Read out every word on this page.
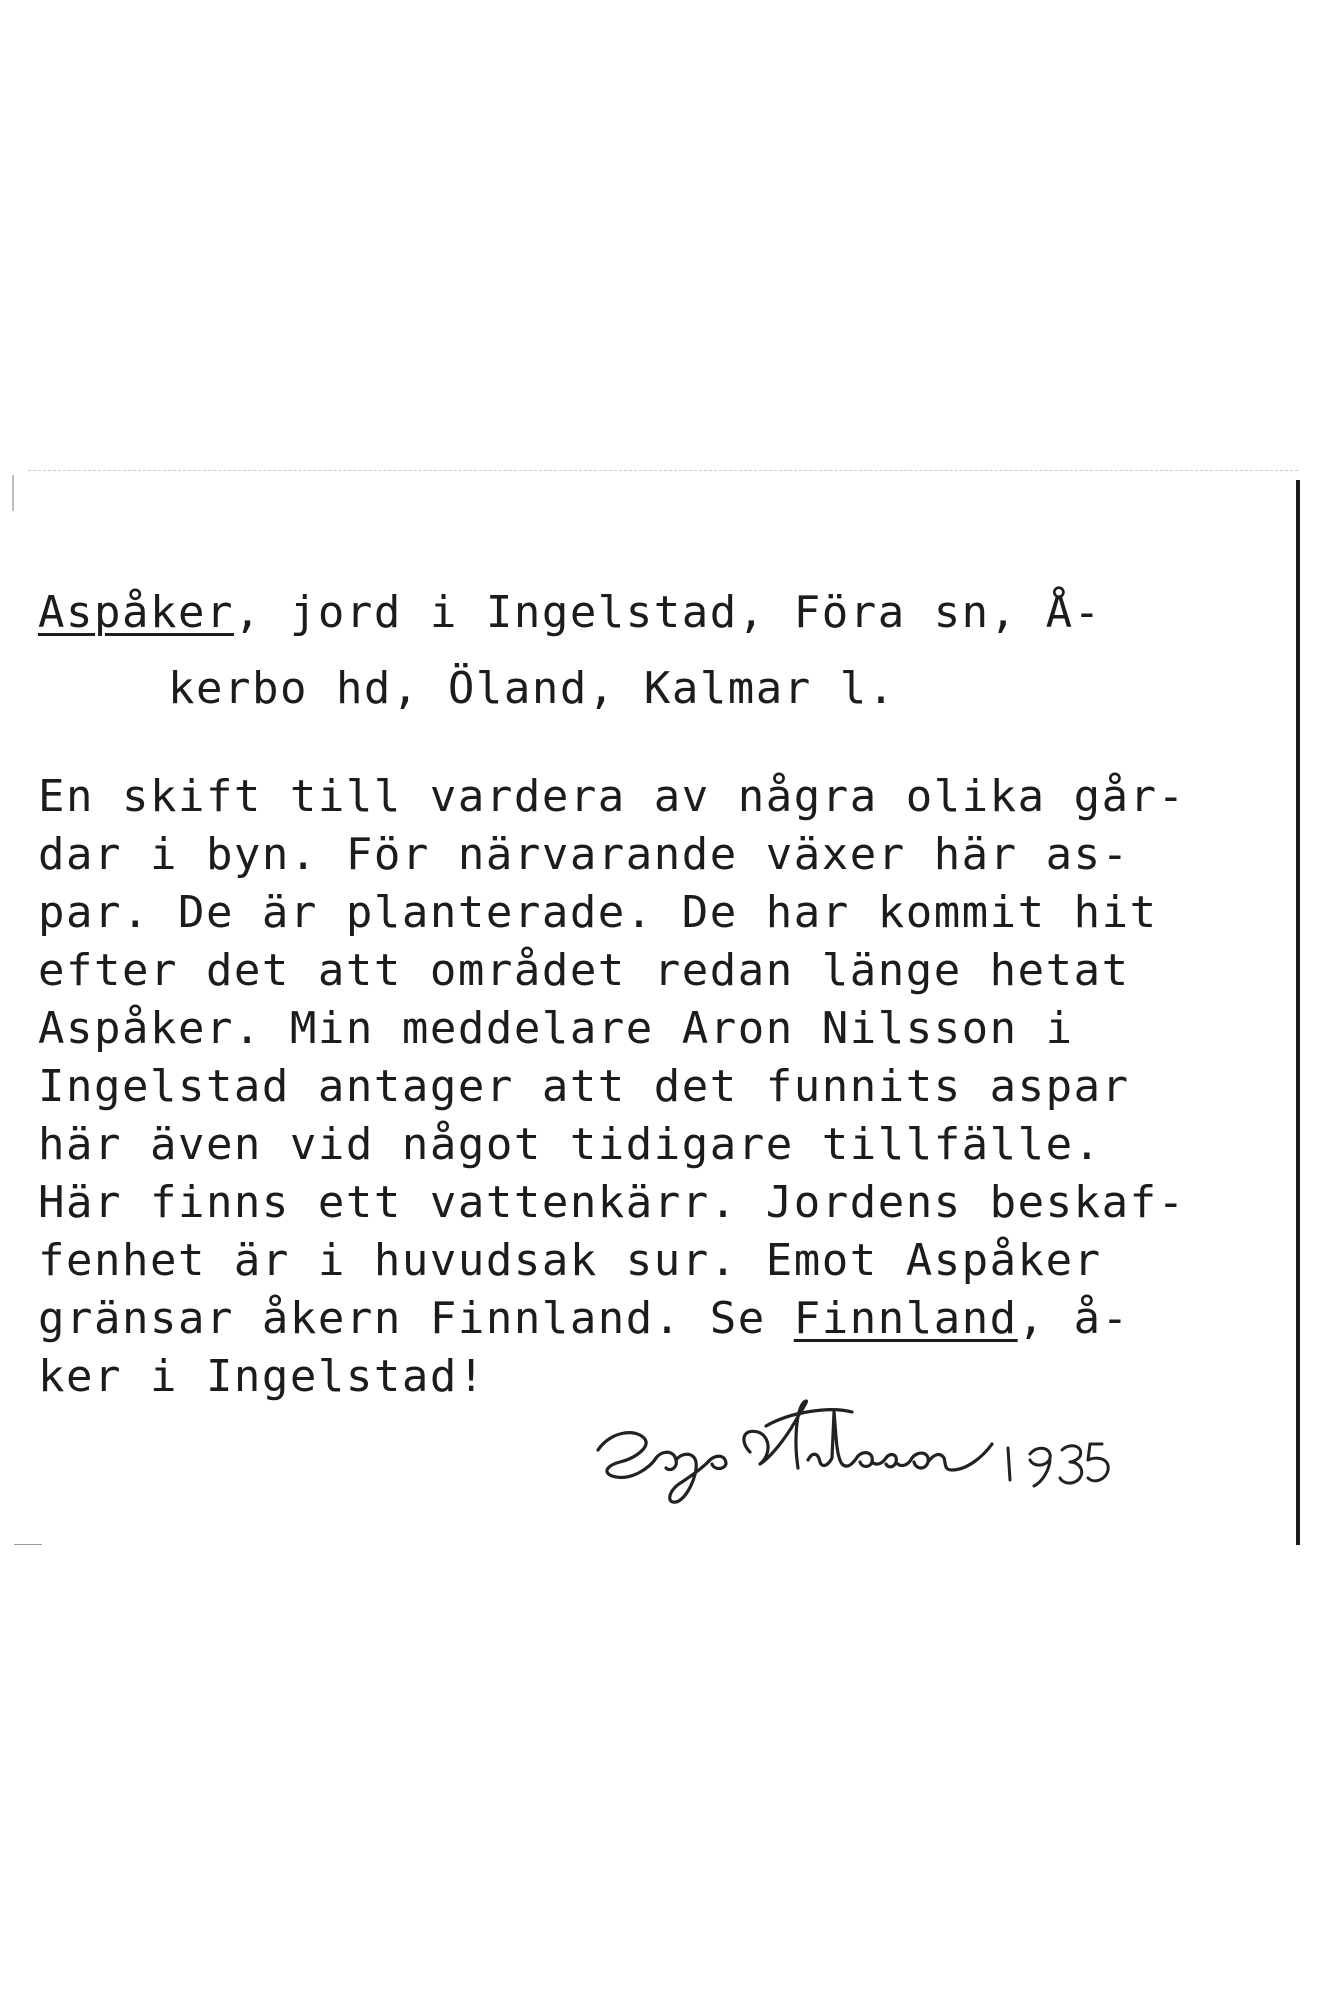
Aspåker, jord i Ingelstad, Föra sn, Å-
kerbo hd, Öland, Kalmar l.
En skift till vardera av några olika går-
dar i byn. För närvarande växer här as-
par. De är planterade. De har kommit hit
efter det att området redan länge hetat
Aspåker. Min meddelare Aron Nilsson i
Ingelstad antager att det funnits aspar
här även vid något tidigare tillfälle.
Här finns ett vattenkärr. Jordens beskaf-
fenhet är i huvudsak sur. Emot Aspåker
gränsar åkern Finnland. Se Finnland, å-
ker i Ingelstad!
